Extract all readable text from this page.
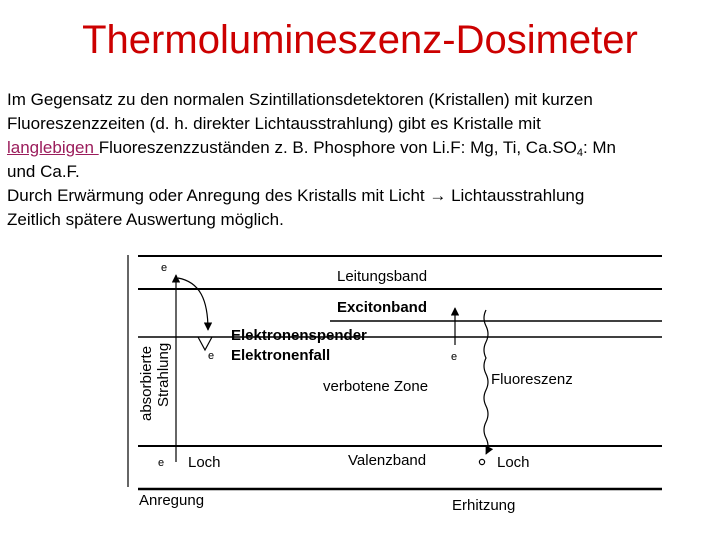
Thermolumineszenz-Dosimeter
Im Gegensatz zu den normalen Szintillationsdetektoren (Kristallen) mit kurzen
Fluoreszenzzeiten (d. h. direkter Lichtausstrahlung) gibt es Kristalle mit
langlebigen Fluoreszenzzuständen z. B. Phosphore von Li.F: Mg, Ti, $Ca.SO_4$: Mn
und Ca.F.
Durch Erwärmung oder Anregung des Kristalls mit Licht → Lichtausstrahlung
Zeitlich spätere Auswertung möglich.
e
e	e
e
Leitungsband
Excitonband
Elektronenspender
Elektronenfall
verbotene Zone	Fluoreszenz
Loch	Valenzband	Loch
Anregung	Erhitzung
absorbierte Strahlung
